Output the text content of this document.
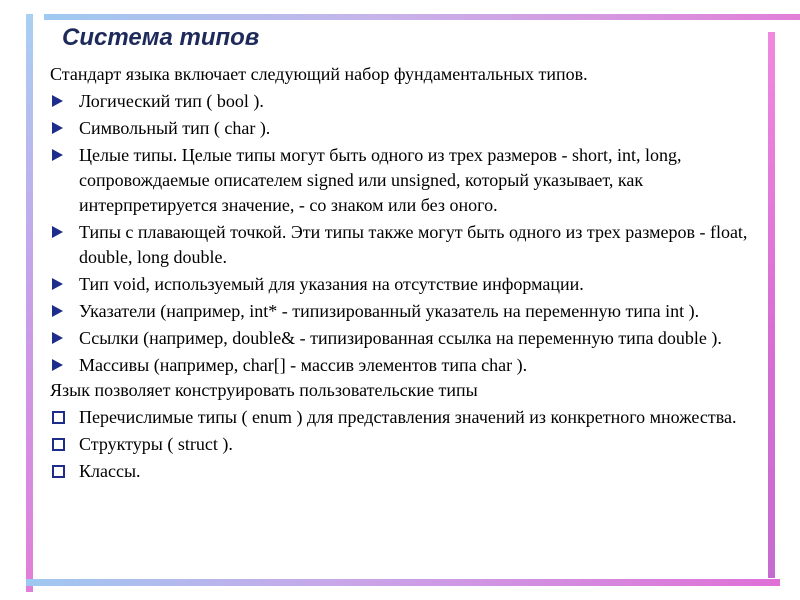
Система типов

Стандарт языка включает следующий набор фундаментальных типов.

Логический тип ( bool ).
Символьный тип ( char ).
Целые типы. Целые типы могут быть одного из трех размеров - short, int, long, сопровождаемые описателем signed или unsigned, который указывает, как интерпретируется значение, - со знаком или без оного.
Типы с плавающей точкой. Эти типы также могут быть одного из трех размеров - float, double, long double.
Тип void, используемый для указания на отсутствие информации.
Указатели (например, int* - типизированный указатель на переменную типа int ).
Ссылки (например, double& - типизированная ссылка на переменную типа double ).
Массивы (например, char[] - массив элементов типа char ).

Язык позволяет конструировать пользовательские типы

Перечислимые типы ( enum ) для представления значений из конкретного множества.
Структуры ( struct ).
Классы.
